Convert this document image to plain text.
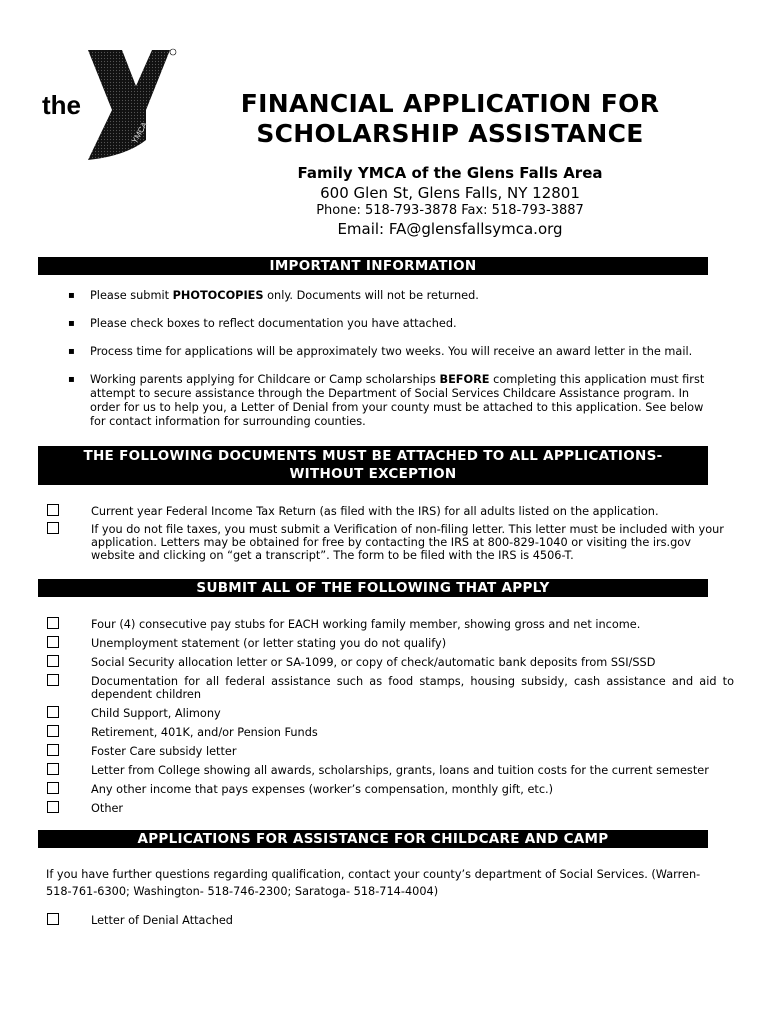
YMCA
the	FINANCIAL APPLICATION FOR
SCHOLARSHIP ASSISTANCE
Family YMCA of the Glens Falls Area
600 Glen St, Glens Falls, NY 12801
Phone: 518-793-3878 Fax: 518-793-3887
Email: FA@glensfallsymca.org
IMPORTANT INFORMATION
▪ Please submit PHOTOCOPIES only. Documents will not be returned.
▪ Please check boxes to reflect documentation you have attached.
▪ Process time for applications will be approximately two weeks. You will receive an award letter in the mail.
▪ Working parents applying for Childcare or Camp scholarships BEFORE completing this application must first attempt to secure assistance through the Department of Social Services Childcare Assistance program. In order for us to help you, a Letter of Denial from your county must be attached to this application. See below for contact information for surrounding counties.
THE FOLLOWING DOCUMENTS MUST BE ATTACHED TO ALL APPLICATIONS-
WITHOUT EXCEPTION
Current year Federal Income Tax Return (as filed with the IRS) for all adults listed on the application.
If you do not file taxes, you must submit a Verification of non-filing letter. This letter must be included with your application. Letters may be obtained for free by contacting the IRS at 800-829-1040 or visiting the irs.gov website and clicking on “get a transcript”. The form to be filed with the IRS is 4506-T.
SUBMIT ALL OF THE FOLLOWING THAT APPLY
Four (4) consecutive pay stubs for EACH working family member, showing gross and net income.
Unemployment statement (or letter stating you do not qualify)
Social Security allocation letter or SA-1099, or copy of check/automatic bank deposits from SSI/SSD
Documentation for all federal assistance such as food stamps, housing subsidy, cash assistance and aid to dependent children
Child Support, Alimony
Retirement, 401K, and/or Pension Funds
Foster Care subsidy letter
Letter from College showing all awards, scholarships, grants, loans and tuition costs for the current semester
Any other income that pays expenses (worker’s compensation, monthly gift, etc.)
Other
APPLICATIONS FOR ASSISTANCE FOR CHILDCARE AND CAMP
If you have further questions regarding qualification, contact your county’s department of Social Services. (Warren- 518-761-6300; Washington- 518-746-2300; Saratoga- 518-714-4004)
Letter of Denial Attached
